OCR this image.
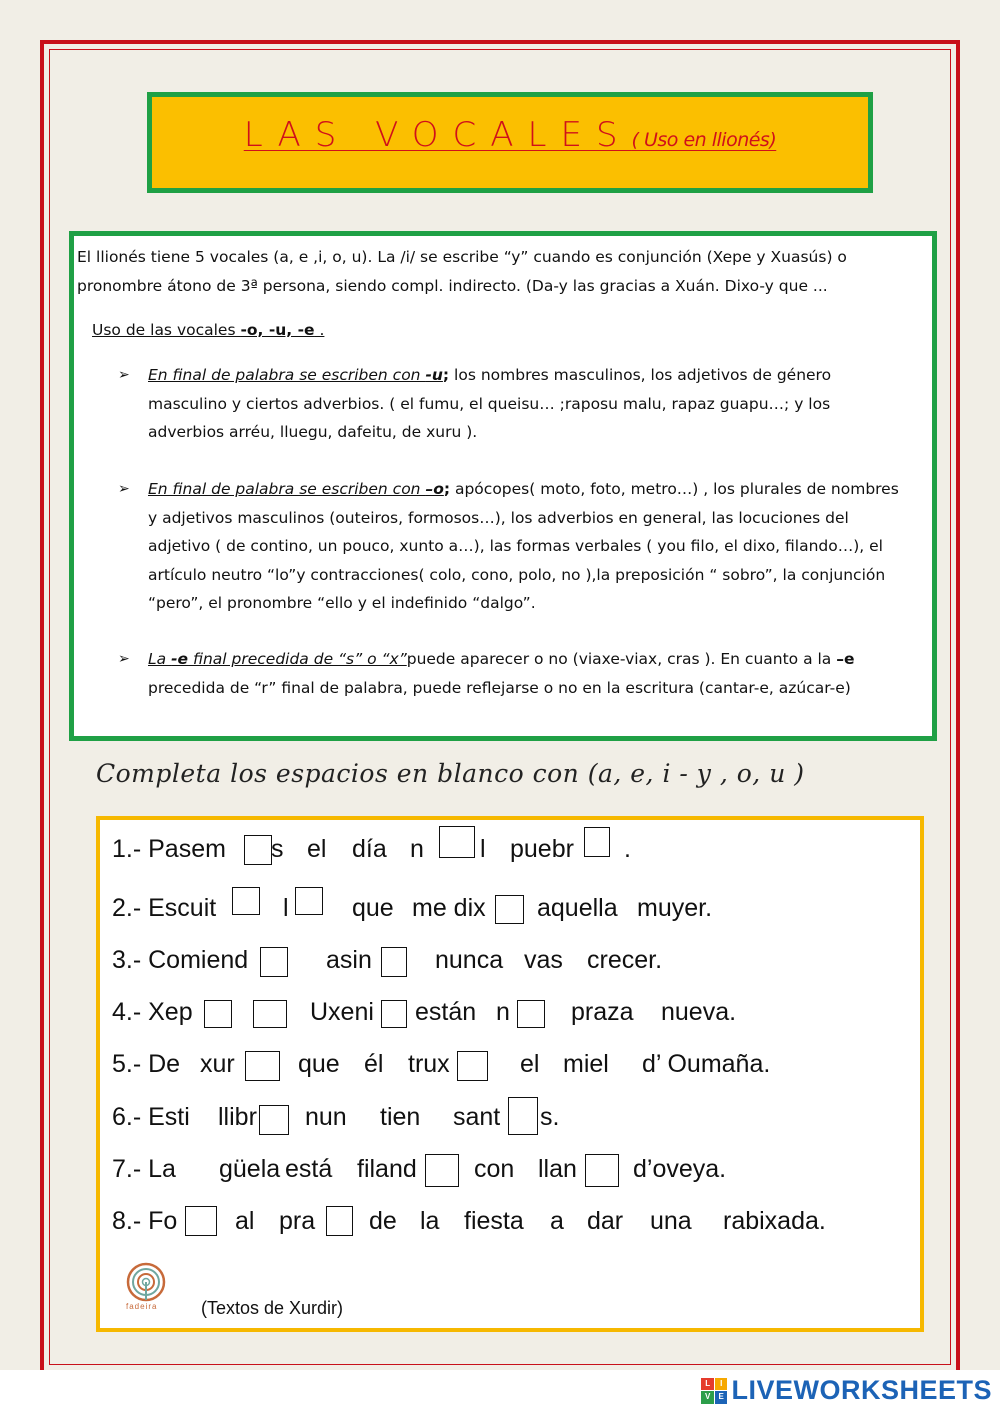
LAS VOCALES( Uso en llionés)
El llionés tiene 5 vocales (a, e ,i, o, u). La /i/ se escribe “y” cuando es conjunción (Xepe y Xuasús) o pronombre átono de 3ª persona, siendo compl. indirecto. (Da-y las gracias a Xuán. Dixo-y que ...
Uso de las vocales -o, -u, -e .
➢ En final de palabra se escriben con -u; los nombres masculinos, los adjetivos de género masculino y ciertos adverbios. ( el fumu, el queisu… ;raposu malu, rapaz guapu…; y los adverbios arréu, lluegu, dafeitu, de xuru ).
➢ En final de palabra se escriben con –o; apócopes( moto, foto, metro…) , los plurales de nombres y adjetivos masculinos (outeiros, formosos…), los adverbios en general, las locuciones del adjetivo ( de contino, un pouco, xunto a…), las formas verbales ( you filo, el dixo, filando…), el artículo neutro “lo”y contracciones( colo, cono, polo, no ),la preposición “ sobro”, la conjunción “pero”, el pronombre “ello y el indefinido “dalgo”.
➢ La -e final precedida de “s” o “x”puede aparecer o no (viaxe-viax, cras ). En cuanto a la –e precedida de “r” final de palabra, puede reflejarse o no en la escritura (cantar-e, azúcar-e)
Completa los espacios en blanco con (a, e, i - y , o, u )
1.- Pasem s el día n l puebr .
2.- Escuit	l	que me dix aquella muyer.
3.- Comiend	asin	nunca vas crecer.
4.- Xep	Uxeni están n praza nueva.
5.- De xur	que él trux	el miel d’ Oumaña.
6.- Esti llibr nun tien sant s.
7.- La güela está filand con llan d’oveya.
8.- Fo al pra de la fiesta a dar una rabixada.
fadeira (Textos de Xurdir)
L	I
V	E LIVEWORKSHEETS
